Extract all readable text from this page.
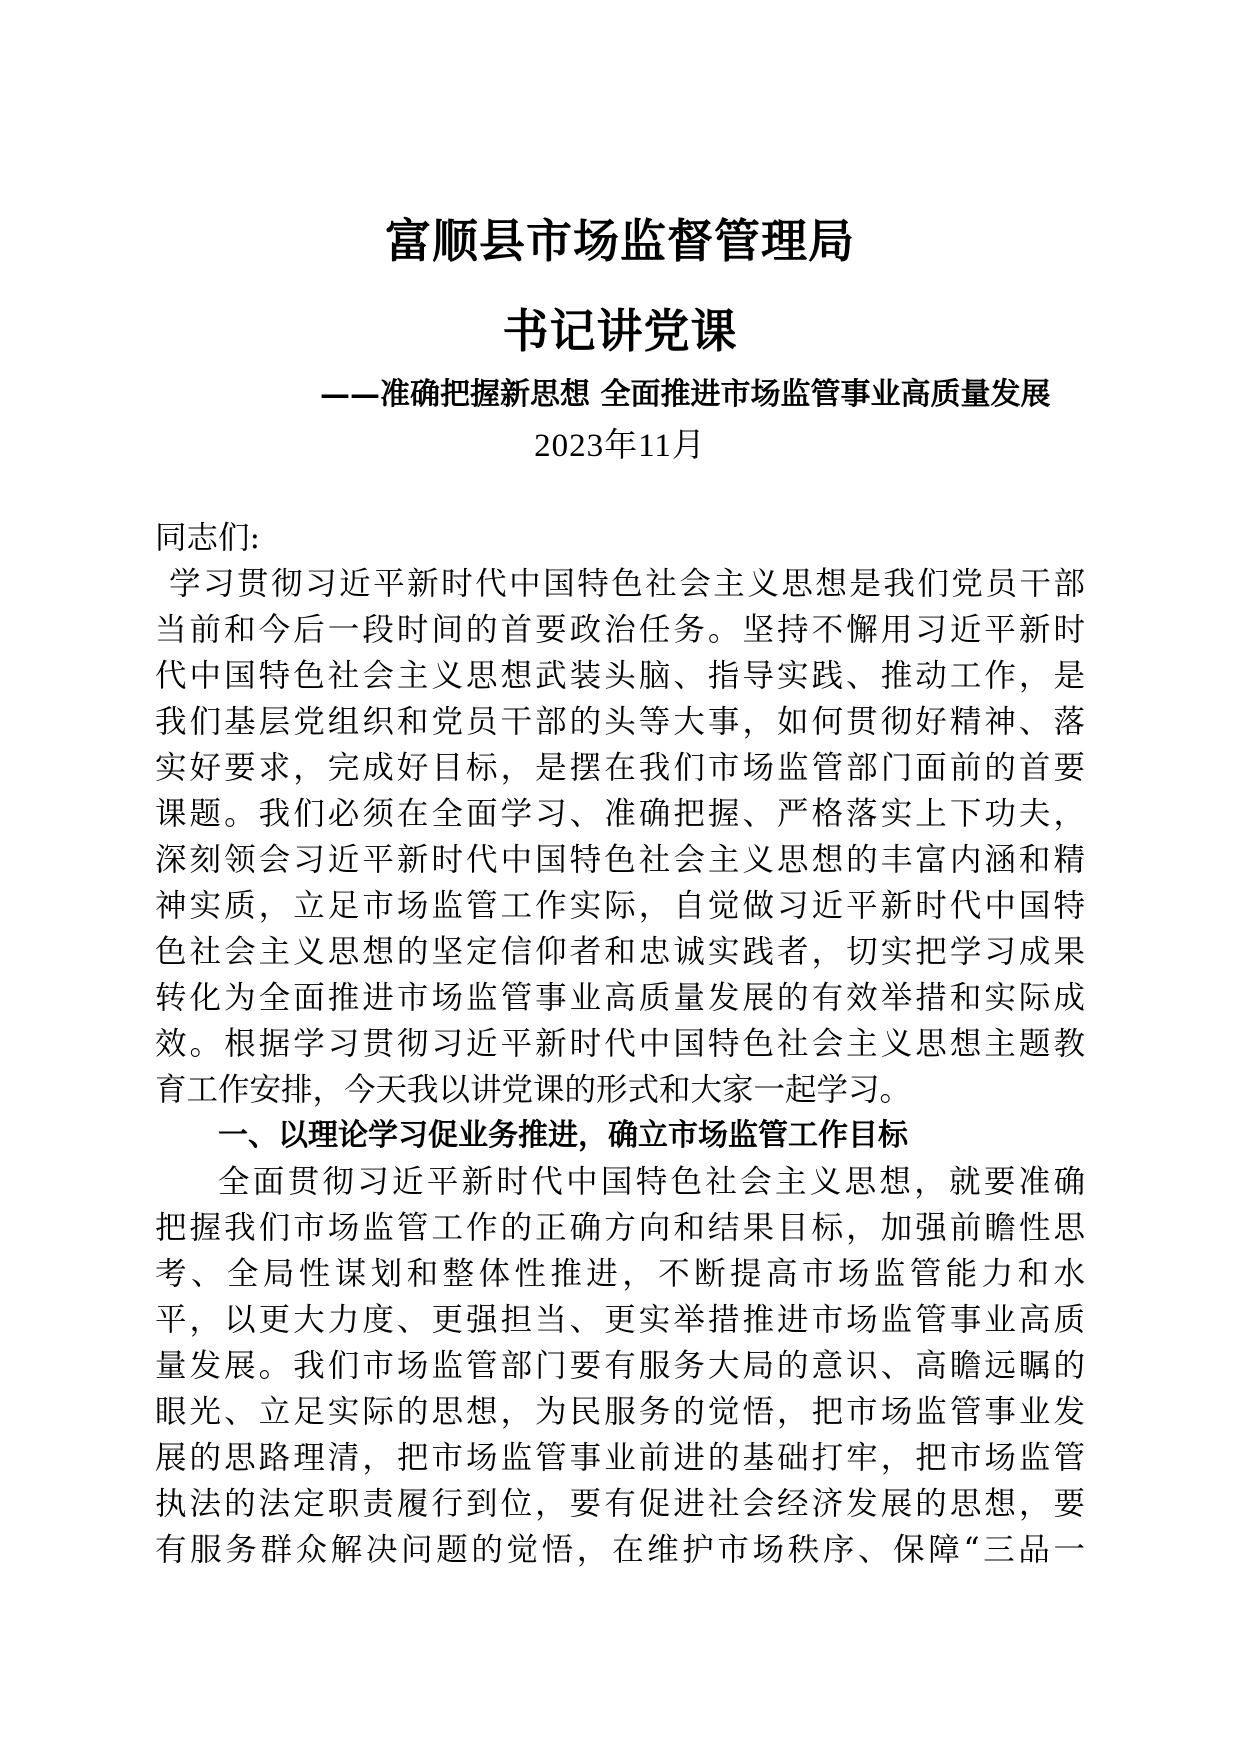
富顺县市场监督管理局
书记讲党课
——准确把握新思想 全面推进市场监管事业高质量发展
2023年11月
同志们:
学习贯彻习近平新时代中国特色社会主义思想是我们党员干部
当前和今后一段时间的首要政治任务。坚持不懈用习近平新时
代中国特色社会主义思想武装头脑、指导实践、推动工作，是
我们基层党组织和党员干部的头等大事，如何贯彻好精神、落
实好要求，完成好目标，是摆在我们市场监管部门面前的首要
课题。我们必须在全面学习、准确把握、严格落实上下功夫，
深刻领会习近平新时代中国特色社会主义思想的丰富内涵和精
神实质，立足市场监管工作实际，自觉做习近平新时代中国特
色社会主义思想的坚定信仰者和忠诚实践者，切实把学习成果
转化为全面推进市场监管事业高质量发展的有效举措和实际成
效。根据学习贯彻习近平新时代中国特色社会主义思想主题教
育工作安排，今天我以讲党课的形式和大家一起学习。
一、以理论学习促业务推进，确立市场监管工作目标
全面贯彻习近平新时代中国特色社会主义思想，就要准确
把握我们市场监管工作的正确方向和结果目标，加强前瞻性思
考、全局性谋划和整体性推进，不断提高市场监管能力和水
平，以更大力度、更强担当、更实举措推进市场监管事业高质
量发展。我们市场监管部门要有服务大局的意识、高瞻远瞩的
眼光、立足实际的思想，为民服务的觉悟，把市场监管事业发
展的思路理清，把市场监管事业前进的基础打牢，把市场监管
执法的法定职责履行到位，要有促进社会经济发展的思想，要
有服务群众解决问题的觉悟，在维护市场秩序、保障“三品一
